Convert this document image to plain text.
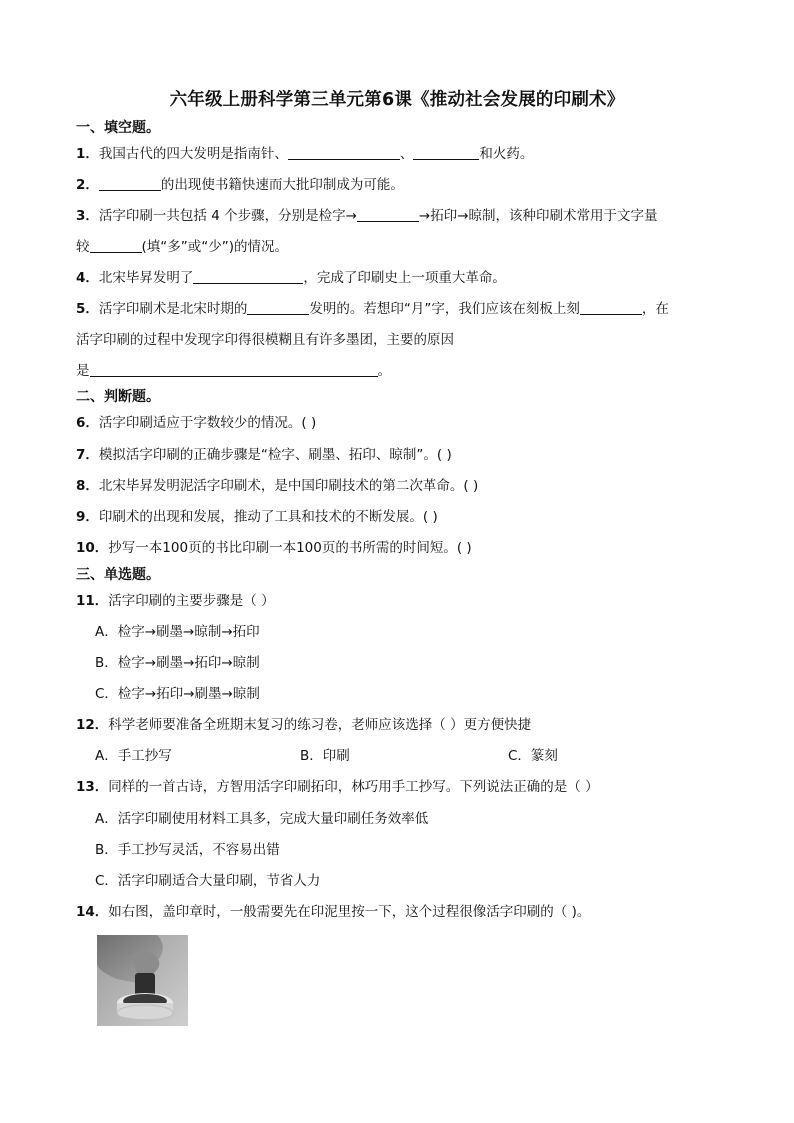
六年级上册科学第三单元第6课《推动社会发展的印刷术》
一、填空题。
1．我国古代的四大发明是指南针、	、	和火药。
2．	的出现使书籍快速而大批印制成为可能。
3．活字印刷一共包括 4 个步骤，分别是检字→	→拓印→晾制，该种印刷术常用于文字量
较	(填“多”或“少”)的情况。
4．北宋毕昇发明了	，完成了印刷史上一项重大革命。
5．活字印刷术是北宋时期的	发明的。若想印“月”字，我们应该在刻板上刻	，在
活字印刷的过程中发现字印得很模糊且有许多墨团，主要的原因
是	。
二、判断题。
6．活字印刷适应于字数较少的情况。( )
7．模拟活字印刷的正确步骤是“检字、刷墨、拓印、晾制”。( )
8．北宋毕昇发明泥活字印刷术，是中国印刷技术的第二次革命。( )
9．印刷术的出现和发展，推动了工具和技术的不断发展。( )
10．抄写一本100页的书比印刷一本100页的书所需的时间短。( )
三、单选题。
11．活字印刷的主要步骤是（ ）
A．检字→刷墨→晾制→拓印
B．检字→刷墨→拓印→晾制
C．检字→拓印→刷墨→晾制
12．科学老师要准备全班期末复习的练习卷，老师应该选择（ ）更方便快捷
A．手工抄写	B．印刷	C．篆刻
13．同样的一首古诗，方智用活字印刷拓印，林巧用手工抄写。下列说法正确的是（ ）
A．活字印刷使用材料工具多，完成大量印刷任务效率低
B．手工抄写灵活，不容易出错
C．活字印刷适合大量印刷，节省人力
14．如右图，盖印章时，一般需要先在印泥里按一下，这个过程很像活字印刷的（ )。
